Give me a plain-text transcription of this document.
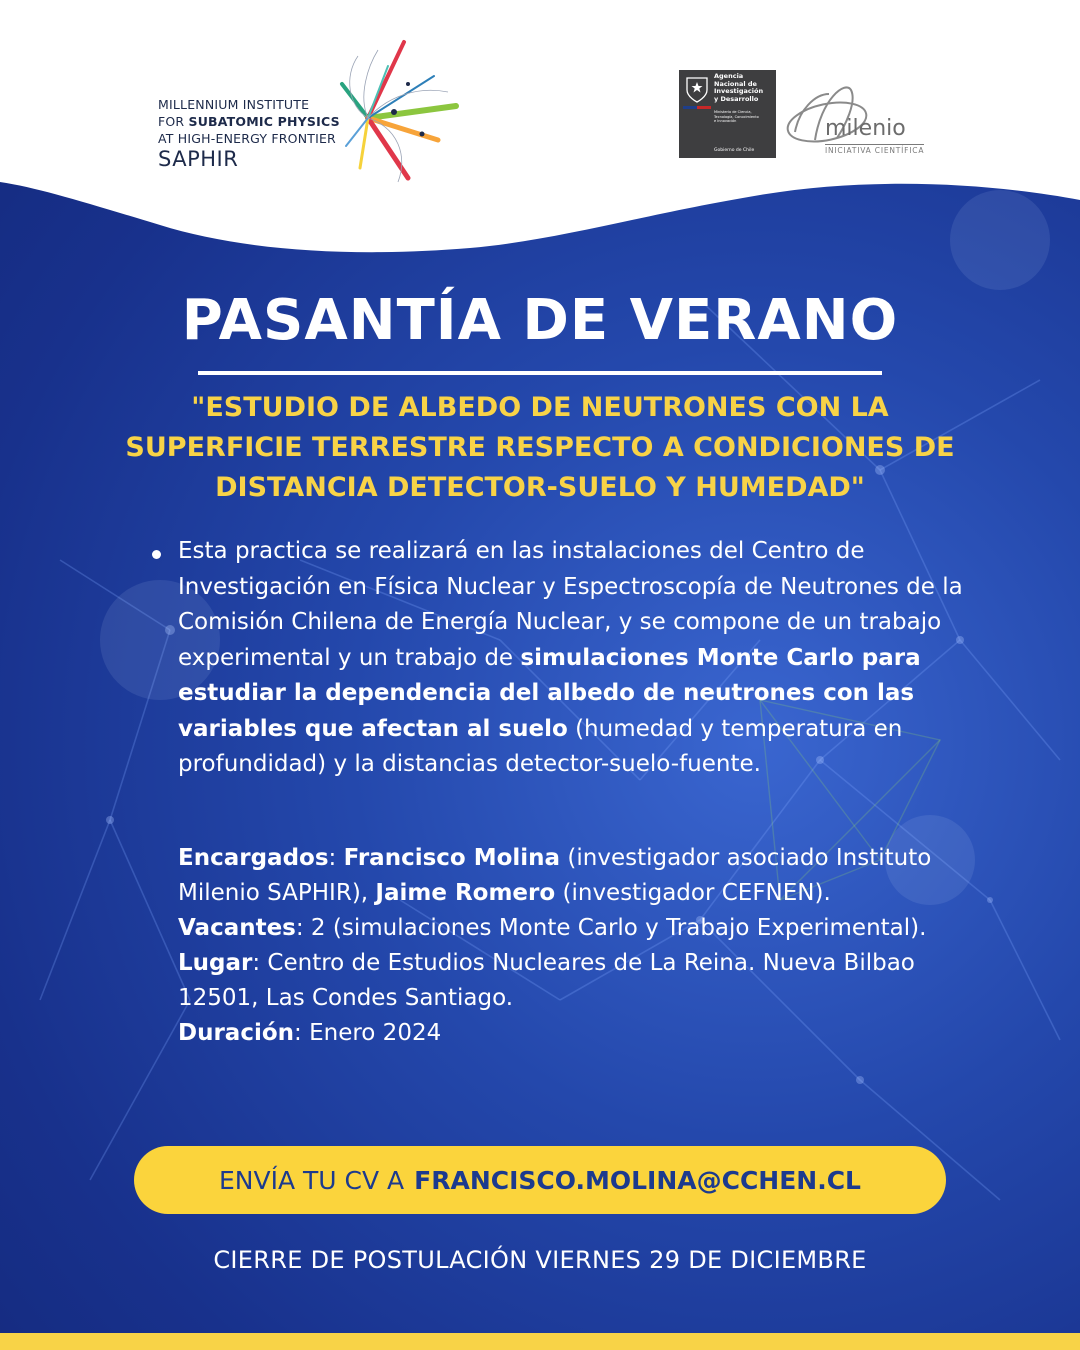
MILLENNIUM INSTITUTE
FOR SUBATOMIC PHYSICS
AT HIGH-ENERGY FRONTIER
SAPHIR
Agencia
Nacional de
Investigación
y Desarrollo
Ministerio de Ciencia,
Tecnología, Conocimiento
e Innovación
Gobierno de Chile
milenio
INICIATIVA CIENTÍFICA
PASANTÍA DE VERANO
"ESTUDIO DE ALBEDO DE NEUTRONES CON LA SUPERFICIE TERRESTRE RESPECTO A CONDICIONES DE DISTANCIA DETECTOR-SUELO Y HUMEDAD"
Esta practica se realizará en las instalaciones del Centro de Investigación en Física Nuclear y Espectroscopía de Neutrones de la Comisión Chilena de Energía Nuclear, y se compone de un trabajo experimental y un trabajo de simulaciones Monte Carlo para estudiar la dependencia del albedo de neutrones con las variables que afectan al suelo (humedad y temperatura en profundidad) y la distancias detector-suelo-fuente.
Encargados: Francisco Molina (investigador asociado Instituto Milenio SAPHIR), Jaime Romero (investigador CEFNEN).
Vacantes: 2 (simulaciones Monte Carlo y Trabajo Experimental).
Lugar: Centro de Estudios Nucleares de La Reina. Nueva Bilbao 12501, Las Condes Santiago.
Duración: Enero 2024
ENVÍA TU CV A FRANCISCO.MOLINA@CCHEN.CL
CIERRE DE POSTULACIÓN VIERNES 29 DE DICIEMBRE
